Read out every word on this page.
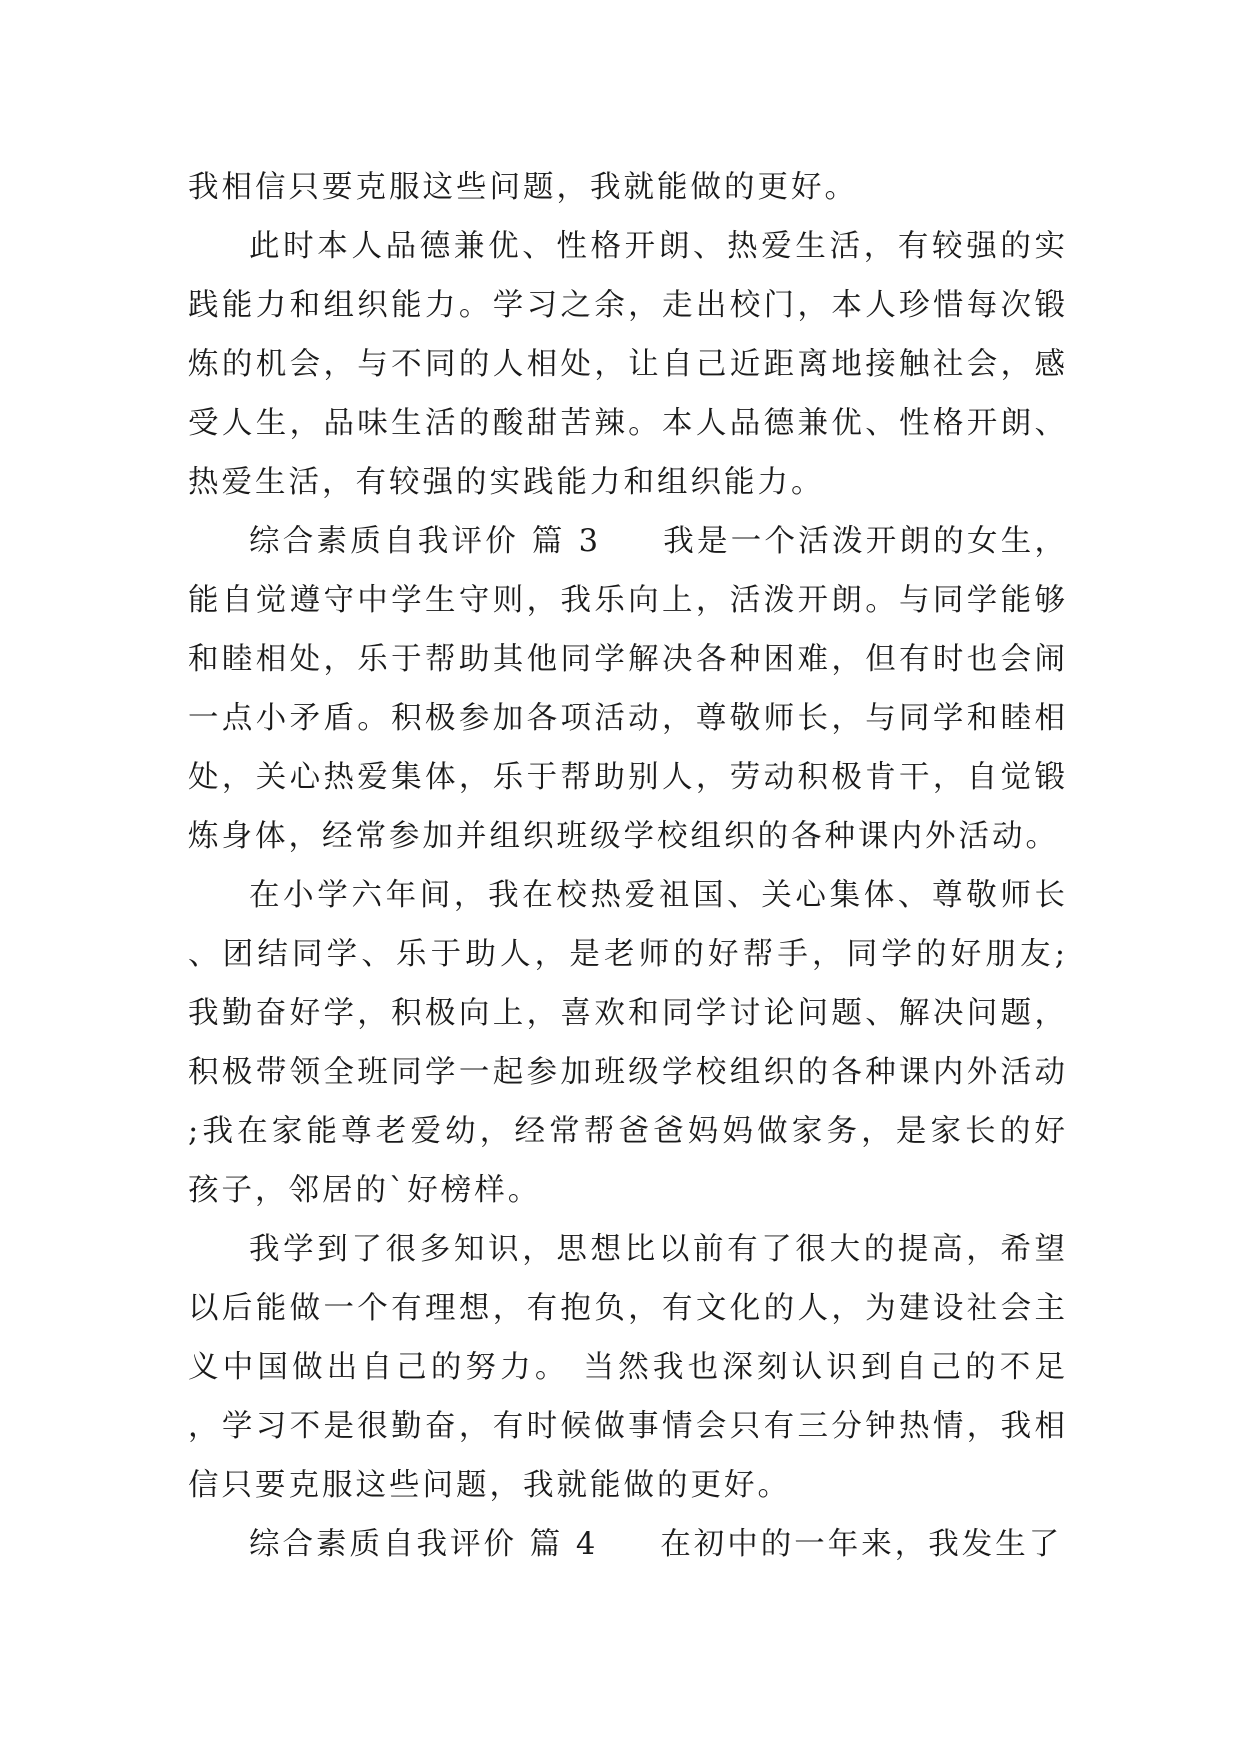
我相信只要克服这些问题，我就能做的更好。

此时本人品德兼优、性格开朗、热爱生活，有较强的实践能力和组织能力。学习之余，走出校门，本人珍惜每次锻炼的机会，与不同的人相处，让自己近距离地接触社会，感受人生，品味生活的酸甜苦辣。本人品德兼优、性格开朗、热爱生活，有较强的实践能力和组织能力。

综合素质自我评价 篇 3 我是一个活泼开朗的女生，能自觉遵守中学生守则，我乐向上，活泼开朗。与同学能够和睦相处，乐于帮助其他同学解决各种困难，但有时也会闹一点小矛盾。积极参加各项活动，尊敬师长，与同学和睦相处，关心热爱集体，乐于帮助别人，劳动积极肯干，自觉锻炼身体，经常参加并组织班级学校组织的各种课内外活动。

在小学六年间，我在校热爱祖国、关心集体、尊敬师长、团结同学、乐于助人，是老师的好帮手，同学的好朋友;我勤奋好学，积极向上，喜欢和同学讨论问题、解决问题，积极带领全班同学一起参加班级学校组织的各种课内外活动;我在家能尊老爱幼，经常帮爸爸妈妈做家务，是家长的好孩子，邻居的`好榜样。

我学到了很多知识，思想比以前有了很大的提高，希望以后能做一个有理想，有抱负，有文化的人，为建设社会主义中国做出自己的努力。 当然我也深刻认识到自己的不足，学习不是很勤奋，有时候做事情会只有三分钟热情，我相信只要克服这些问题，我就能做的更好。

综合素质自我评价 篇 4 在初中的一年来，我发生了
